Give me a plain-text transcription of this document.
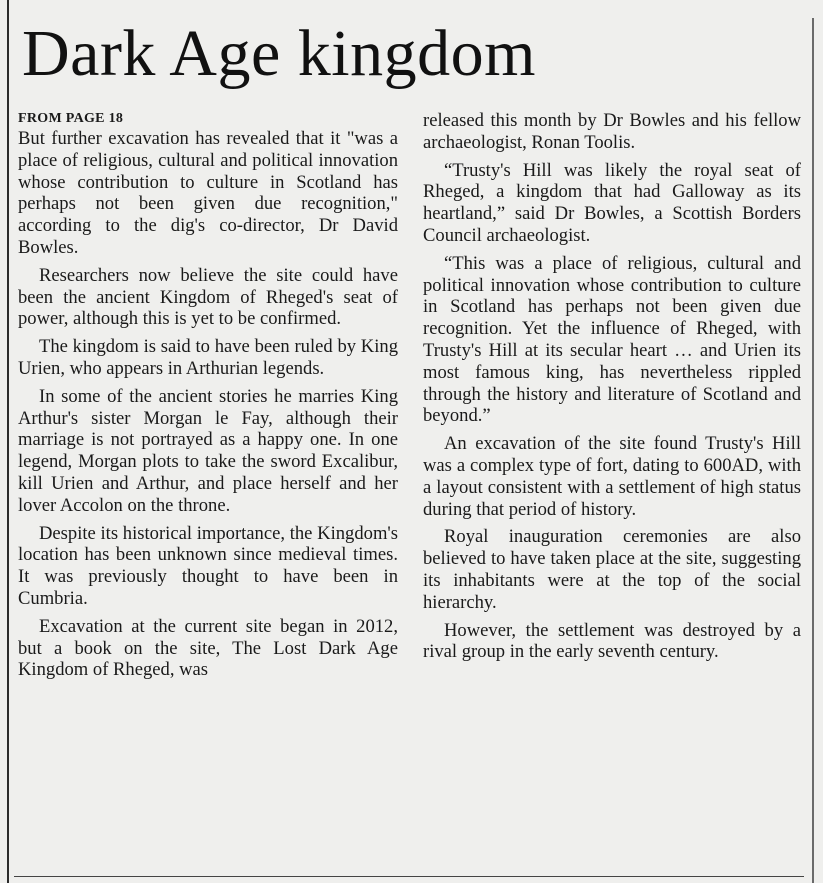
Dark Age kingdom
FROM PAGE 18

But further excavation has revealed that it "was a place of religious, cultural and political innovation whose contribution to culture in Scotland has perhaps not been given due recognition," according to the dig's co-director, Dr David Bowles.

Researchers now believe the site could have been the ancient Kingdom of Rheged's seat of power, although this is yet to be confirmed.

The kingdom is said to have been ruled by King Urien, who appears in Arthurian legends.

In some of the ancient stories he marries King Arthur's sister Morgan le Fay, although their marriage is not portrayed as a happy one. In one legend, Morgan plots to take the sword Excalibur, kill Urien and Arthur, and place herself and her lover Accolon on the throne.

Despite its historical importance, the Kingdom's location has been unknown since medieval times. It was previously thought to have been in Cumbria.

Excavation at the current site began in 2012, but a book on the site, The Lost Dark Age Kingdom of Rheged, was

released this month by Dr Bowles and his fellow archaeologist, Ronan Toolis.

“Trusty's Hill was likely the royal seat of Rheged, a kingdom that had Galloway as its heartland,” said Dr Bowles, a Scottish Borders Council archaeologist.

“This was a place of religious, cultural and political innovation whose contribution to culture in Scotland has perhaps not been given due recognition. Yet the influence of Rheged, with Trusty's Hill at its secular heart … and Urien its most famous king, has nevertheless rippled through the history and literature of Scotland and beyond.”

An excavation of the site found Trusty's Hill was a complex type of fort, dating to 600AD, with a layout consistent with a settlement of high status during that period of history.

Royal inauguration ceremonies are also believed to have taken place at the site, suggesting its inhabitants were at the top of the social hierarchy.

However, the settlement was destroyed by a rival group in the early seventh century.
